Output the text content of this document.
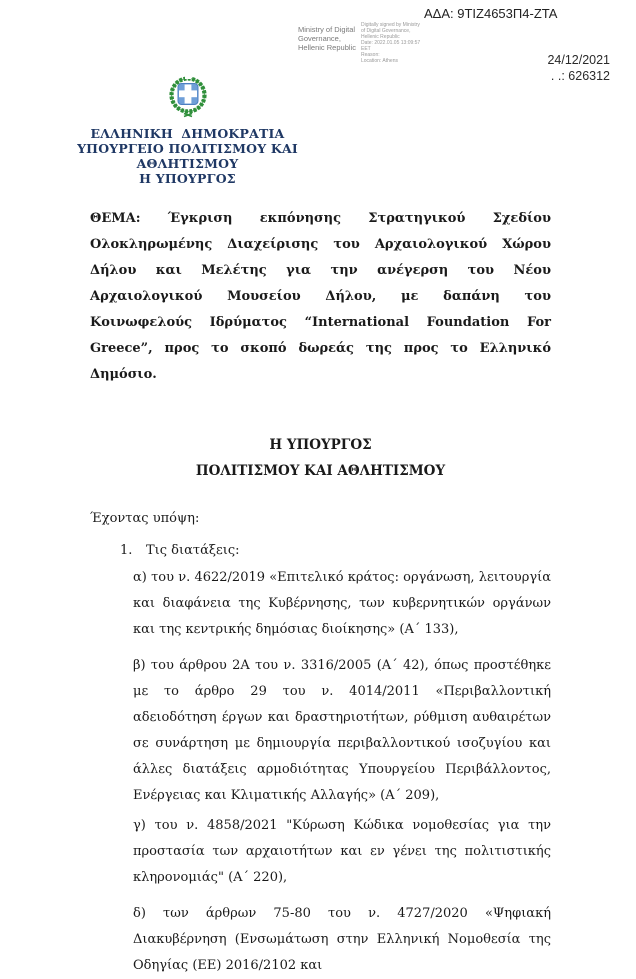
ΑΔΑ: 9ΤΙΖ4653Π4-ΖΤΑ
Ministry of Digital
Governance,
Hellenic Republic
Digitally signed by Ministry
of Digital Governance,
Hellenic Republic
Date: 2022.01.05 13:09:57
EET
Reason:
Location: Athens	24/12/2021
. .: 626312
ΕΛΛΗΝΙΚΗ ΔΗΜΟΚΡΑΤΙΑ
ΥΠΟΥΡΓΕΙΟ ΠΟΛΙΤΙΣΜΟΥ ΚΑΙ ΑΘΛΗΤΙΣΜΟΥ
Η ΥΠΟΥΡΓΟΣ

ΘΕΜΑ: Έγκριση εκπόνησης Στρατηγικού Σχεδίου Ολοκληρωμένης Διαχείρισης του Αρχαιολογικού Χώρου Δήλου και Μελέτης για την ανέγερση του Νέου Αρχαιολογικού Μουσείου Δήλου, με δαπάνη του Κοινωφελούς Ιδρύματος “International Foundation For Greece”, προς το σκοπό δωρεάς της προς το Ελληνικό Δημόσιο.

Η ΥΠΟΥΡΓΟΣ
ΠΟΛΙΤΙΣΜΟΥ ΚΑΙ ΑΘΛΗΤΙΣΜΟΥ

Έχοντας υπόψη:

1. Τις διατάξεις:

α) του ν. 4622/2019 «Επιτελικό κράτος: οργάνωση, λειτουργία και διαφάνεια της Κυβέρνησης, των κυβερνητικών οργάνων και της κεντρικής δημόσιας διοίκησης» (Α΄ 133),

β) του άρθρου 2Α του ν. 3316/2005 (Α΄ 42), όπως προστέθηκε με το άρθρο 29 του ν. 4014/2011 «Περιβαλλοντική αδειοδότηση έργων και δραστηριοτήτων, ρύθμιση αυθαιρέτων σε συνάρτηση με δημιουργία περιβαλλοντικού ισοζυγίου και άλλες διατάξεις αρμοδιότητας Υπουργείου Περιβάλλοντος, Ενέργειας και Κλιματικής Αλλαγής» (Α΄ 209),

γ) του ν. 4858/2021 "Κύρωση Κώδικα νομοθεσίας για την προστασία των αρχαιοτήτων και εν γένει της πολιτιστικής κληρονομιάς" (Α΄ 220),

δ) των άρθρων 75-80 του ν. 4727/2020 «Ψηφιακή Διακυβέρνηση (Ενσωμάτωση στην Ελληνική Νομοθεσία της Οδηγίας (ΕΕ) 2016/2102 και
